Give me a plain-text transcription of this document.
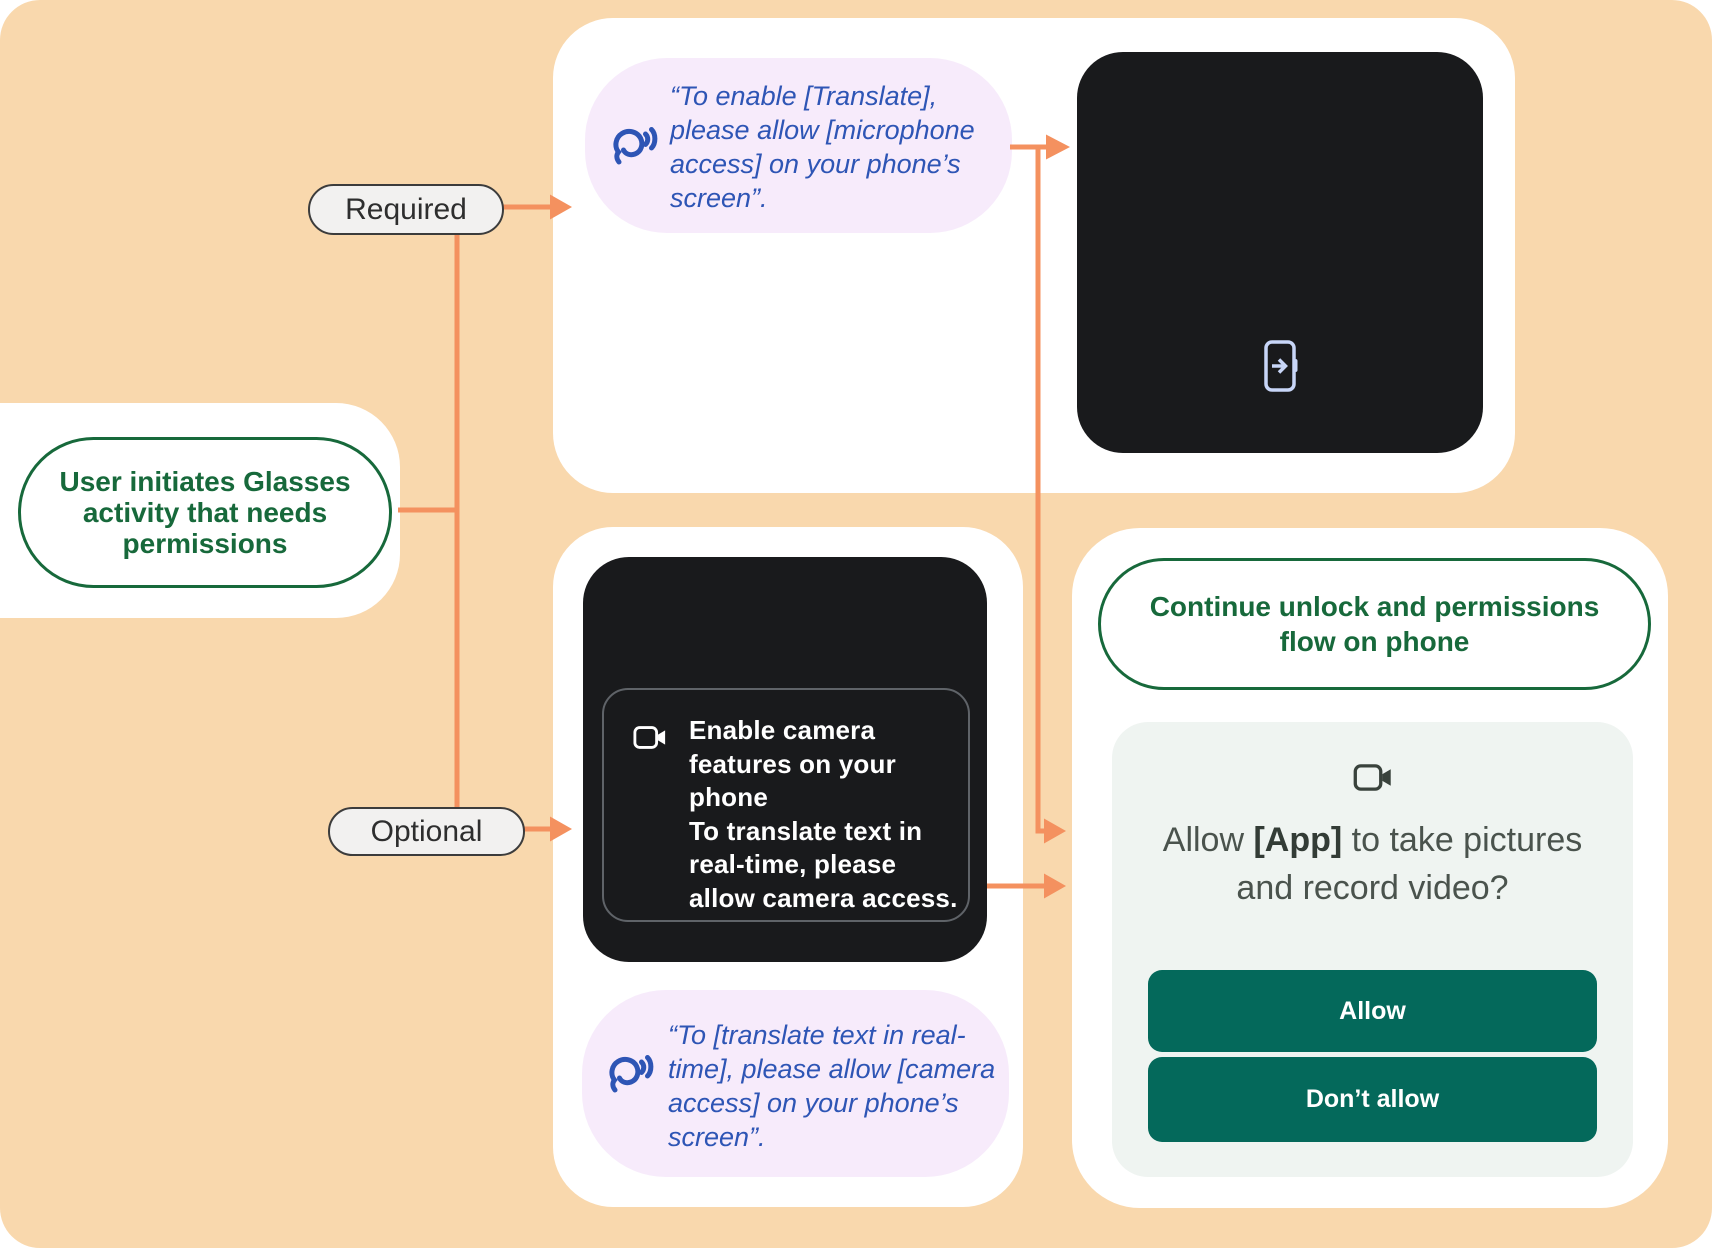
User initiates Glasses
activity that needs
permissions
“To enable [Translate],
please allow [microphone
access] on your phone’s
screen”.
Enable camera
features on your
phone
To translate text in
real-time, please
allow camera access.
“To [translate text in real-
time], please allow [camera
access] on your phone’s
screen”.
Continue unlock and permissions
flow on phone
Allow [App] to take pictures
and record video?
Allow
Don’t allow
Required
Optional
